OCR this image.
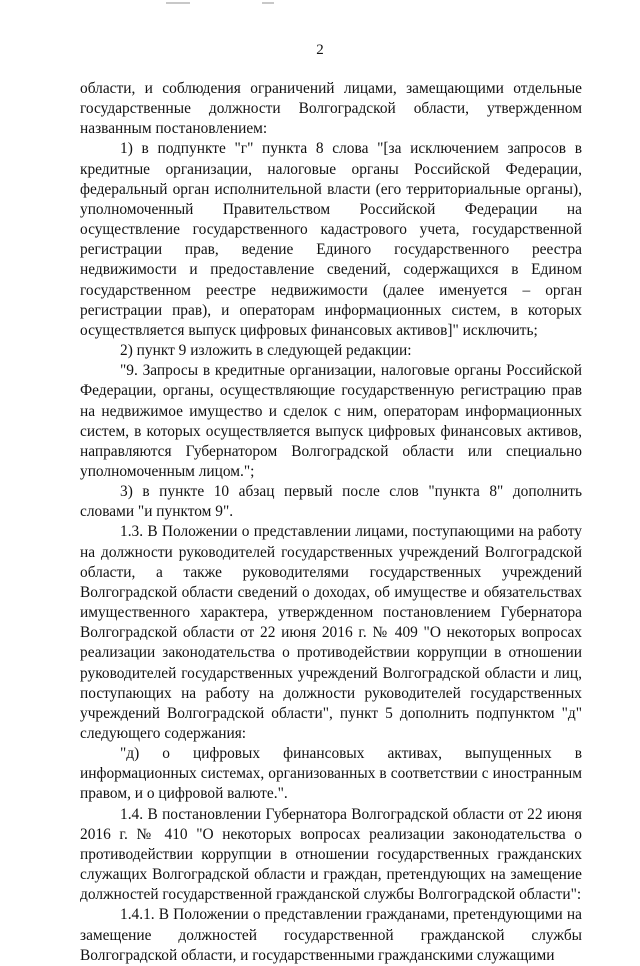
2

области, и соблюдения ограничений лицами, замещающими отдельные государственные должности Волгоградской области, утвержденном названным постановлением:

1) в подпункте "г" пункта 8 слова "[за исключением запросов в кредитные организации, налоговые органы Российской Федерации, федеральный орган исполнительной власти (его территориальные органы), уполномоченный Правительством Российской Федерации на осуществление государственного кадастрового учета, государственной регистрации прав, ведение Единого государственного реестра недвижимости и предоставление сведений, содержащихся в Едином государственном реестре недвижимости (далее именуется – орган регистрации прав), и операторам информационных систем, в которых осуществляется выпуск цифровых финансовых активов]" исключить;

2) пункт 9 изложить в следующей редакции:

"9. Запросы в кредитные организации, налоговые органы Российской Федерации, органы, осуществляющие государственную регистрацию прав на недвижимое имущество и сделок с ним, операторам информационных систем, в которых осуществляется выпуск цифровых финансовых активов, направляются Губернатором Волгоградской области или специально уполномоченным лицом.";

3) в пункте 10 абзац первый после слов "пункта 8" дополнить словами "и пунктом 9".

1.3. В Положении о представлении лицами, поступающими на работу на должности руководителей государственных учреждений Волгоградской области, а также руководителями государственных учреждений Волгоградской области сведений о доходах, об имуществе и обязательствах имущественного характера, утвержденном постановлением Губернатора Волгоградской области от 22 июня 2016 г. № 409 "О некоторых вопросах реализации законодательства о противодействии коррупции в отношении руководителей государственных учреждений Волгоградской области и лиц, поступающих на работу на должности руководителей государственных учреждений Волгоградской области", пункт 5 дополнить подпунктом "д" следующего содержания:

"д) о цифровых финансовых активах, выпущенных в информационных системах, организованных в соответствии с иностранным правом, и о цифровой валюте.".

1.4. В постановлении Губернатора Волгоградской области от 22 июня 2016 г. № 410 "О некоторых вопросах реализации законодательства о противодействии коррупции в отношении государственных гражданских служащих Волгоградской области и граждан, претендующих на замещение должностей государственной гражданской службы Волгоградской области":

1.4.1. В Положении о представлении гражданами, претендующими на замещение должностей государственной гражданской службы Волгоградской области, и государственными гражданскими служащими
